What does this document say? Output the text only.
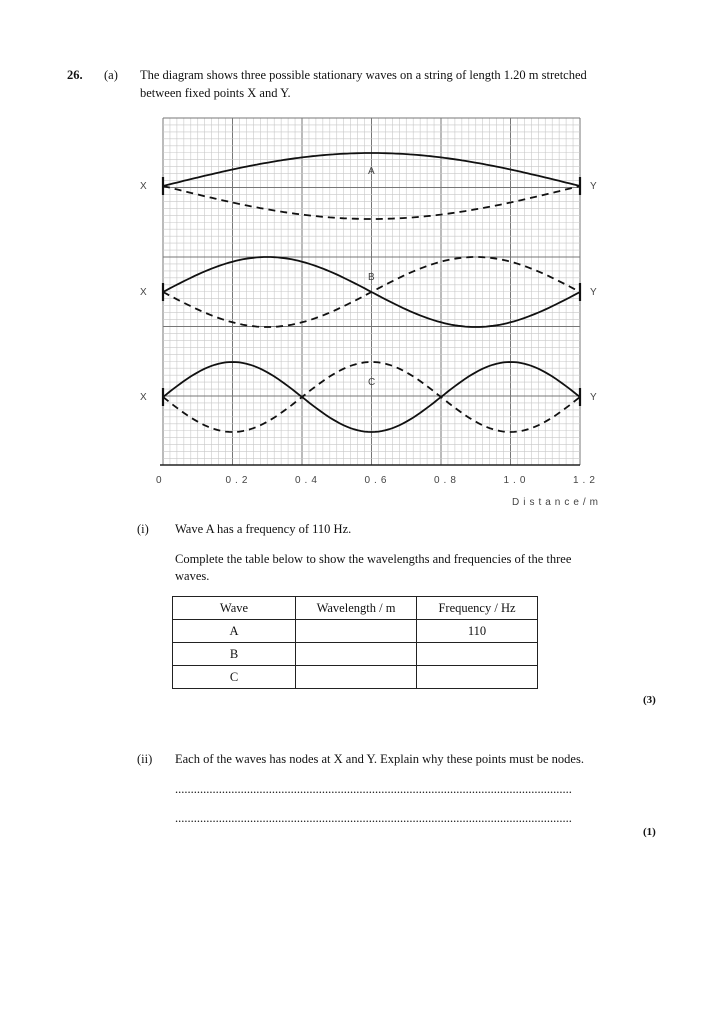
26. (a) The diagram shows three possible stationary waves on a string of length 1.20 m stretched
between fixed points X and Y.
X	Y
A
X	Y
B
X	Y
C
0	0.2	0.4	0.6	0.8	1.0	1.2
Distance/m
(i) Wave A has a frequency of 110 Hz.
Complete the table below to show the wavelengths and frequencies of the three
waves.
Wave	Wavelength / m	Frequency / Hz
A		110
B		
C		
(3)
(ii) Each of the waves has nodes at X and Y. Explain why these points must be nodes.
...............................................................................................................................
...............................................................................................................................
(1)
